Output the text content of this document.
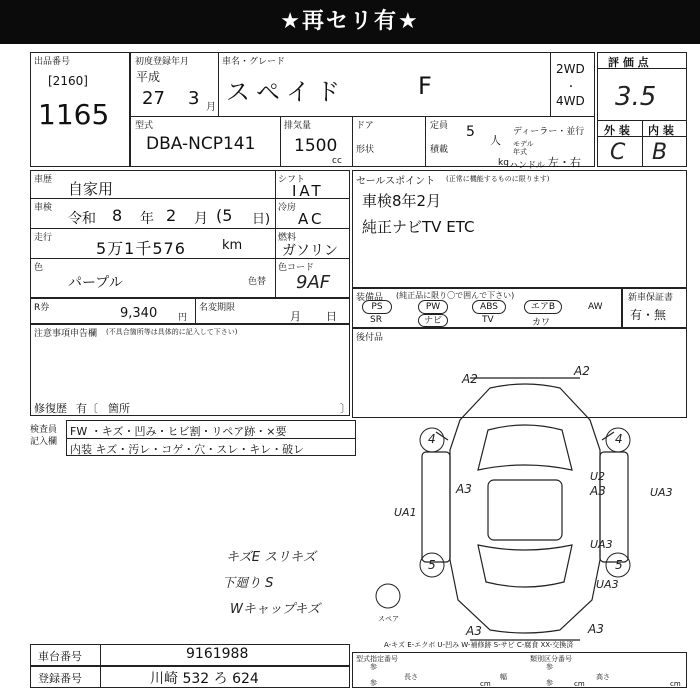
★再セリ有★
出品番号
[2160]
1165
初度登録年月
平成
27 3 月
車名・グレード
スペイド	F
2WD
・
4WD
評 価 点
3.5
外 装 内 装
C B
型式
DBA-NCP141
排気量
1500
cc
ドア
形状
定員 5
人
ディーラー・並行
積載
kg
モデル
年式
ハンドル 左・右
車歴 自家用
車検
令和 8 年 2 月 (5 日)
走行
5万1千576	km
シフト
IAT
冷房
AC
燃料
ガソリン
色
パープル	色替
色コード
9AF
セールスポイント (正常に機能するものに限ります)
車検8年2月
純正ナビTV ETC
R券	9,340 円
名変期限
月 日
装備品 (純正品に限り〇で囲んで下さい)
PS	PW	ABS	エアB	AW
SR	ナビ	TV	カワ
新車保証書
有・無
注意事項申告欄 (不具合箇所等は具体的に記入して下さい)
修復歴 有〔 箇所	〕
後付品
検査員
記入欄
FW ・キズ・凹み・ヒビ割・リペア跡・×要
内装 キズ・汚レ・コゲ・穴・スレ・キレ・破レ
キズE スリキズ
下廻り S
Wキャップキズ
A2
A2
4	4
U2
A3	A3	UA3
UA1
UA3
5	5
UA3
A3	A3
スペア
A-キズ E-エクボ U-凹み W-補修跡 S-サビ C-腐食 XX-交換済
車台番号	9161988
登録番号	川崎 532 ろ 624
型式指定番号
参
類別区分番号
参
参
長さ
cm
幅
参	cm
高さ
cm
